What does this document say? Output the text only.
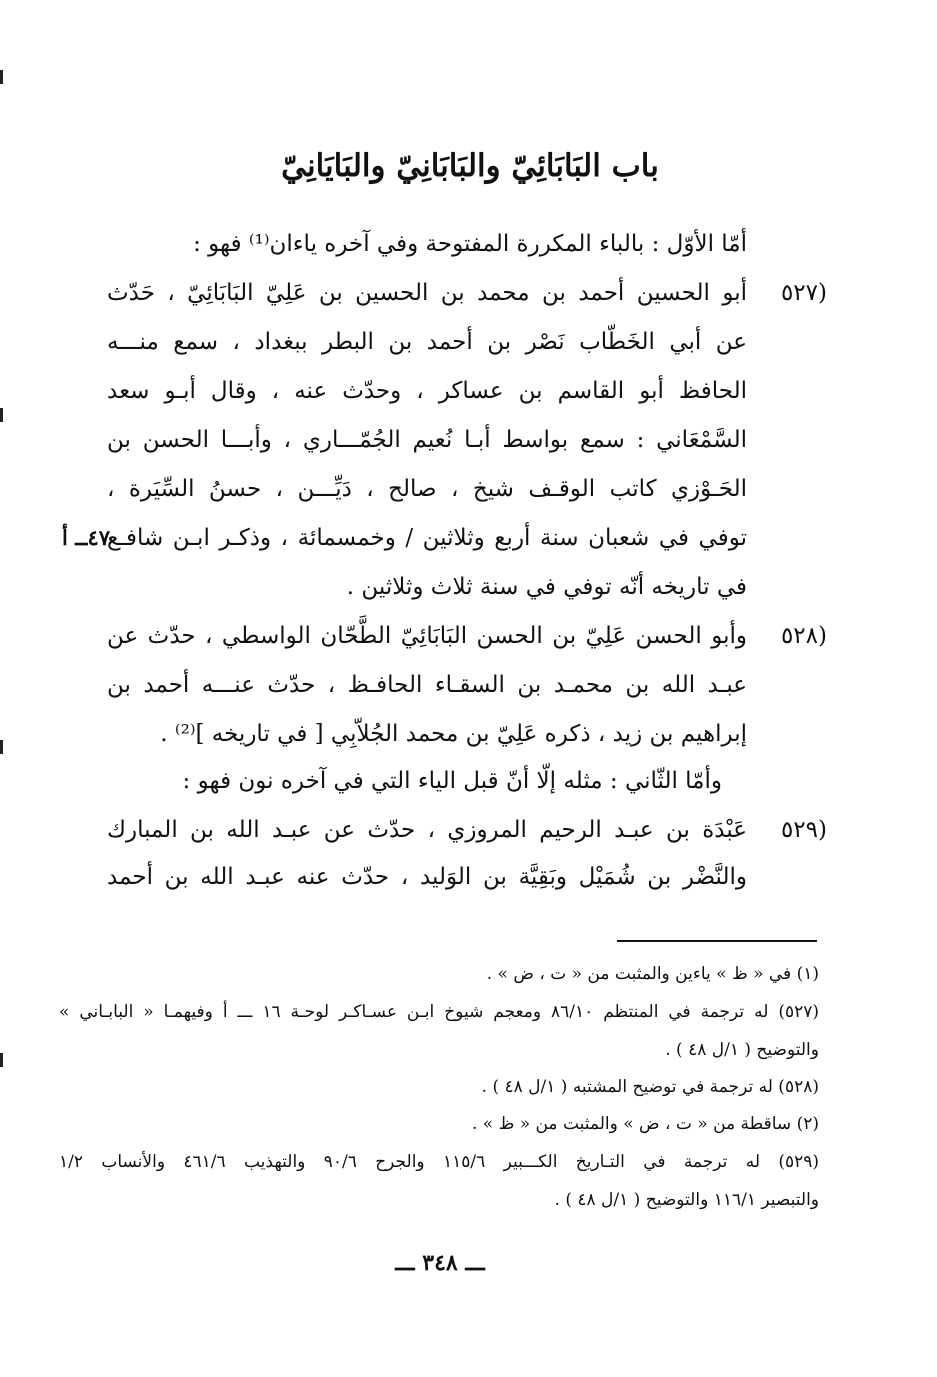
باب البَابَائِيّ والبَابَانِيّ والبَايَانِيّ
أمّا الأوّل : بالباء المكررة المفتوحة وفي آخره ياءان⁽¹⁾ فهو :
(٥٢٧
أبو الحسين أحمد بن محمد بن الحسين بن عَلِيّ البَابَائِيّ ، حَدّث
عن أبي الخَطّاب نَصْر بن أحمد بن البطر ببغداد ، سمع منـــه
الحافظ أبو القاسم بن عساكر ، وحدّث عنه ، وقال أبـو سعد
السَّمْعَاني : سمع بواسط أبـا نُعيم الجُمّـــاري ، وأبـــا الحسن بن
الحَـوْزي كاتب الوقـف شيخ ، صالح ، دَيِّـــن ، حسنُ السِّيَرة ،
توفي في شعبان سنة أربع وثلاثين / وخمسمائة ، وذكـر ابـن شافـع
٤٧ــ أ
في تاريخه أنّه توفي في سنة ثلاث وثلاثين .
(٥٢٨
وأبو الحسن عَلِيّ بن الحسن البَابَائِيّ الطَّحّان الواسطي ، حدّث عن
عبـد الله بن محمـد بن السقـاء الحافـظ ، حدّث عنـــه أحمد بن
إبراهيم بن زيد ، ذكره عَلِيّ بن محمد الجُلاّبِي [ في تاريخه ]⁽²⁾ .
وأمّا الثّاني : مثله إلّا أنّ قبل الياء التي في آخره نون فهو :
(٥٢٩
عَبْدَة بن عبـد الرحيم المروزي ، حدّث عن عبـد الله بن المبارك
والنَّضْر بن شُمَيْل وبَقِيَّة بن الوَليد ، حدّث عنه عبـد الله بن أحمد
(١) في « ظ » ياءين والمثبت من « ت ، ض » .
(٥٢٧) له ترجمة في المنتظم ٨٦/١٠ ومعجم شيوخ ابـن عسـاكـر لوحـة ١٦ ـــ أ وفيهمـا « البابـاني »
والتوضيح ( ١/ل ٤٨ ) .
(٥٢٨) له ترجمة في توضيح المشتبه ( ١/ل ٤٨ ) .
(٢) ساقطة من « ت ، ض » والمثبت من « ظ » .
(٥٢٩) له ترجمة في التـاريخ الكـــبير ١١٥/٦ والجرح ٩٠/٦ والتهذيب ٤٦١/٦ والأنساب ١/٢
والتبصير ١١٦/١ والتوضيح ( ١/ل ٤٨ ) .
ـــ ٣٤٨ ـــ
